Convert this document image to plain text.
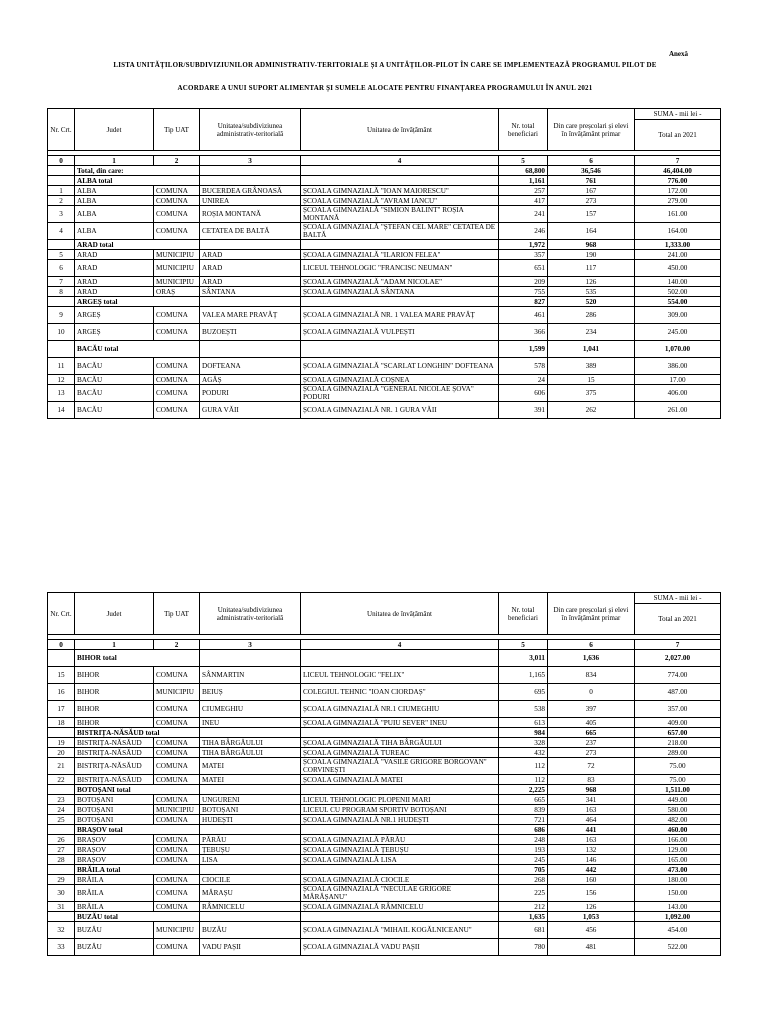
Anexă
LISTA UNITĂȚILOR/SUBDIVIZIUNILOR ADMINISTRATIV-TERITORIALE ȘI A UNITĂȚILOR-PILOT ÎN CARE SE IMPLEMENTEAZĂ PROGRAMUL PILOT DE
ACORDARE A UNUI SUPORT ALIMENTAR ȘI SUMELE ALOCATE PENTRU FINANȚAREA PROGRAMULUI ÎN ANUL 2021
Nr. Crt.	Judet	Tip UAT	Unitatea/subdiviziunea administrativ-teritorială	Unitatea de învățământ	Nr. total beneficiari	Din care preșcolari și elevi în învățământ primar	SUMA - mii lei -
							Total an 2021

0	1	2	3	4	5	6	7
	Total, din care:				68,800	36,546	46,404.00
	ALBA total				1,161	761	776.00
1	ALBA	COMUNA	BUCERDEA GRÂNOASĂ	ȘCOALA GIMNAZIALĂ "IOAN MAIORESCU"	257	167	172.00
2	ALBA	COMUNA	UNIREA	ȘCOALA GIMNAZIALĂ "AVRAM IANCU"	417	273	279.00
3	ALBA	COMUNA	ROȘIA MONTANĂ	ȘCOALA GIMNAZIALĂ "SIMION BALINT" ROȘIA MONTANĂ	241	157	161.00
4	ALBA	COMUNA	CETATEA DE BALTĂ	ȘCOALA GIMNAZIALĂ "ȘTEFAN CEL MARE" CETATEA DE BALTĂ	246	164	164.00
	ARAD total				1,972	968	1,333.00
5	ARAD	MUNICIPIU	ARAD	ȘCOALA GIMNAZIALĂ "ILARION FELEA"	357	190	241.00
6	ARAD	MUNICIPIU	ARAD	LICEUL TEHNOLOGIC "FRANCISC NEUMAN"	651	117	450.00
7	ARAD	MUNICIPIU	ARAD	ȘCOALA GIMNAZIALĂ "ADAM NICOLAE"	209	126	140.00
8	ARAD	ORAȘ	SÂNTANA	ȘCOALA GIMNAZIALĂ SÂNTANA	755	535	502.00
	ARGEȘ total				827	520	554.00
9	ARGEȘ	COMUNA	VALEA MARE PRAVĂȚ	ȘCOALA GIMNAZIALĂ NR. 1 VALEA MARE PRAVĂȚ	461	286	309.00
10	ARGEȘ	COMUNA	BUZOEȘTI	ȘCOALA GIMNAZIALĂ VULPEȘTI	366	234	245.00
	BACĂU total				1,599	1,041	1,070.00
11	BACĂU	COMUNA	DOFTEANA	ȘCOALA GIMNAZIALĂ "SCARLAT LONGHIN" DOFTEANA	578	389	386.00
12	BACĂU	COMUNA	AGĂȘ	ȘCOALA GIMNAZIALĂ COȘNEA	24	15	17.00
13	BACĂU	COMUNA	PODURI	ȘCOALA GIMNAZIALĂ "GENERAL NICOLAE ȘOVA" PODURI	606	375	406.00
14	BACĂU	COMUNA	GURA VĂII	ȘCOALA GIMNAZIALĂ NR. 1 GURA VĂII	391	262	261.00
Nr. Crt.	Judet	Tip UAT	Unitatea/subdiviziunea administrativ-teritorială	Unitatea de învățământ	Nr. total beneficiari	Din care preșcolari și elevi în învățământ primar	SUMA - mii lei -
							Total an 2021

0	1	2	3	4	5	6	7
	BIHOR total				3,011	1,636	2,027.00
15	BIHOR	COMUNA	SÂNMARTIN	LICEUL TEHNOLOGIC "FELIX"	1,165	834	774.00
16	BIHOR	MUNICIPIU	BEIUȘ	COLEGIUL TEHNIC "IOAN CIORDAȘ"	695	0	487.00
17	BIHOR	COMUNA	CIUMEGHIU	ȘCOALA GIMNAZIALĂ NR.1 CIUMEGHIU	538	397	357.00
18	BIHOR	COMUNA	INEU	ȘCOALA GIMNAZIALĂ "PUIU SEVER" INEU	613	405	409.00
	BISTRIȚA-NĂSĂUD total				984	665	657.00
19	BISTRIȚA-NĂSĂUD	COMUNA	TIHA BÂRGĂULUI	ȘCOALA GIMNAZIALĂ TIHA BÂRGĂULUI	328	237	218.00
20	BISTRIȚA-NĂSĂUD	COMUNA	TIHA BÂRGĂULUI	ȘCOALA GIMNAZIALĂ TUREAC	432	273	289.00
21	BISTRIȚA-NĂSĂUD	COMUNA	MATEI	ȘCOALA GIMNAZIALĂ "VASILE GRIGORE BORGOVAN" CORVINEȘTI	112	72	75.00
22	BISTRIȚA-NĂSĂUD	COMUNA	MATEI	ȘCOALA GIMNAZIALĂ MATEI	112	83	75.00
	BOTOȘANI total				2,225	968	1,511.00
23	BOTOȘANI	COMUNA	UNGURENI	LICEUL TEHNOLOGIC PLOPENII MARI	665	341	449.00
24	BOTOȘANI	MUNICIPIU	BOTOȘANI	LICEUL CU PROGRAM SPORTIV BOTOȘANI	839	163	580.00
25	BOTOȘANI	COMUNA	HUDEȘTI	ȘCOALA GIMNAZIALĂ NR.1 HUDEȘTI	721	464	482.00
	BRAȘOV total				686	441	460.00
26	BRAȘOV	COMUNA	PĂRĂU	ȘCOALA GIMNAZIALĂ PĂRĂU	248	163	166.00
27	BRAȘOV	COMUNA	ȚEBUȘU	ȘCOALA GIMNAZIALĂ ȚEBUȘU	193	132	129.00
28	BRAȘOV	COMUNA	LISA	ȘCOALA GIMNAZIALĂ LISA	245	146	165.00
	BRĂILA total				705	442	473.00
29	BRĂILA	COMUNA	CIOCILE	ȘCOALA GIMNAZIALĂ CIOCILE	268	160	180.00
30	BRĂILA	COMUNA	MĂRAȘU	ȘCOALA GIMNAZIALĂ "NECULAE GRIGORE MĂRĂȘANU"	225	156	150.00
31	BRĂILA	COMUNA	RÂMNICELU	ȘCOALA GIMNAZIALĂ RÂMNICELU	212	126	143.00
	BUZĂU total				1,635	1,053	1,092.00
32	BUZĂU	MUNICIPIU	BUZĂU	ȘCOALA GIMNAZIALĂ "MIHAIL KOGĂLNICEANU"	681	456	454.00
33	BUZĂU	COMUNA	VADU PAȘII	ȘCOALA GIMNAZIALĂ VADU PAȘII	780	481	522.00
